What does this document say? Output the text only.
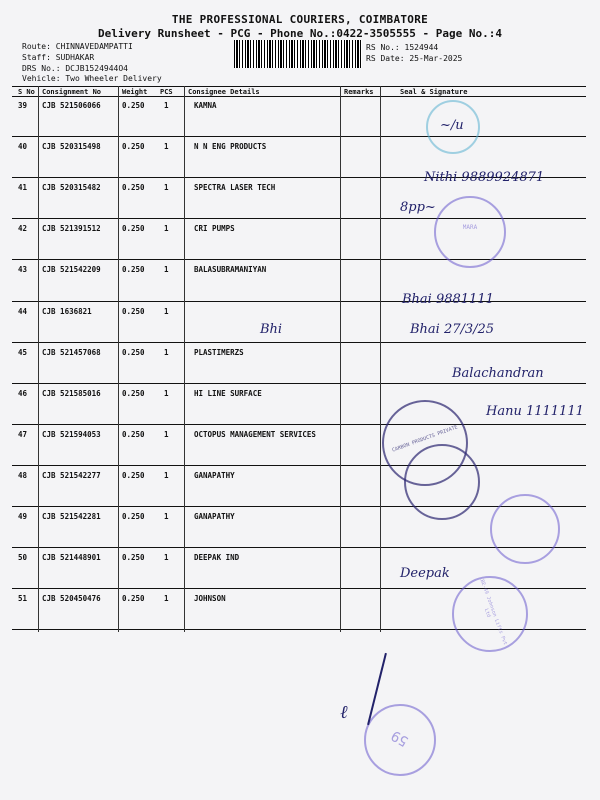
THE PROFESSIONAL COURIERS, COIMBATORE
Delivery Runsheet - PCG - Phone No.:0422-3505555 - Page No.:4
Route: CHINNAVEDAMPATTI
Staff: SUDHAKAR
DRS No.: DCJB1524944O4
Vehicle: Two Wheeler Delivery
RS No.: 1524944
RS Date: 25-Mar-2025
S No Consignment No	Weight PCS Consignee Details	Remarks	Seal & Signature
39 CJB 521506066	0.250	1	KAMNA
40 CJB 520315498	0.250	1	N N ENG PRODUCTS
41 CJB 520315482	0.250	1	SPECTRA LASER TECH
42 CJB 521391512	0.250	1	CRI PUMPS
43 CJB 521542209	0.250	1	BALASUBRAMANIYAN
44 CJB 1636821	0.250	1
45 CJB 521457068	0.250	1	PLASTIMERZS
46 CJB 521585016	0.250	1	HI LINE SURFACE
47 CJB 521594053	0.250	1	OCTOPUS MANAGEMENT SERVICES
48 CJB 521542277	0.250	1	GANAPATHY
49 CJB 521542281	0.250	1	GANAPATHY
50 CJB 521448901	0.250	1	DEEPAK IND
51 CJB 520450476	0.250	1	JOHNSON
MARA
CARBON PRODUCTS PRIVATE
CBE-49 Johnson Lifts Pvt Ltd
59
~/u
Nithi 9889924871
8pp~
Bhai 9881111
Bhi	Bhai 27/3/25
Balachandran
Hanu 1111111
Deepak
ℓ
